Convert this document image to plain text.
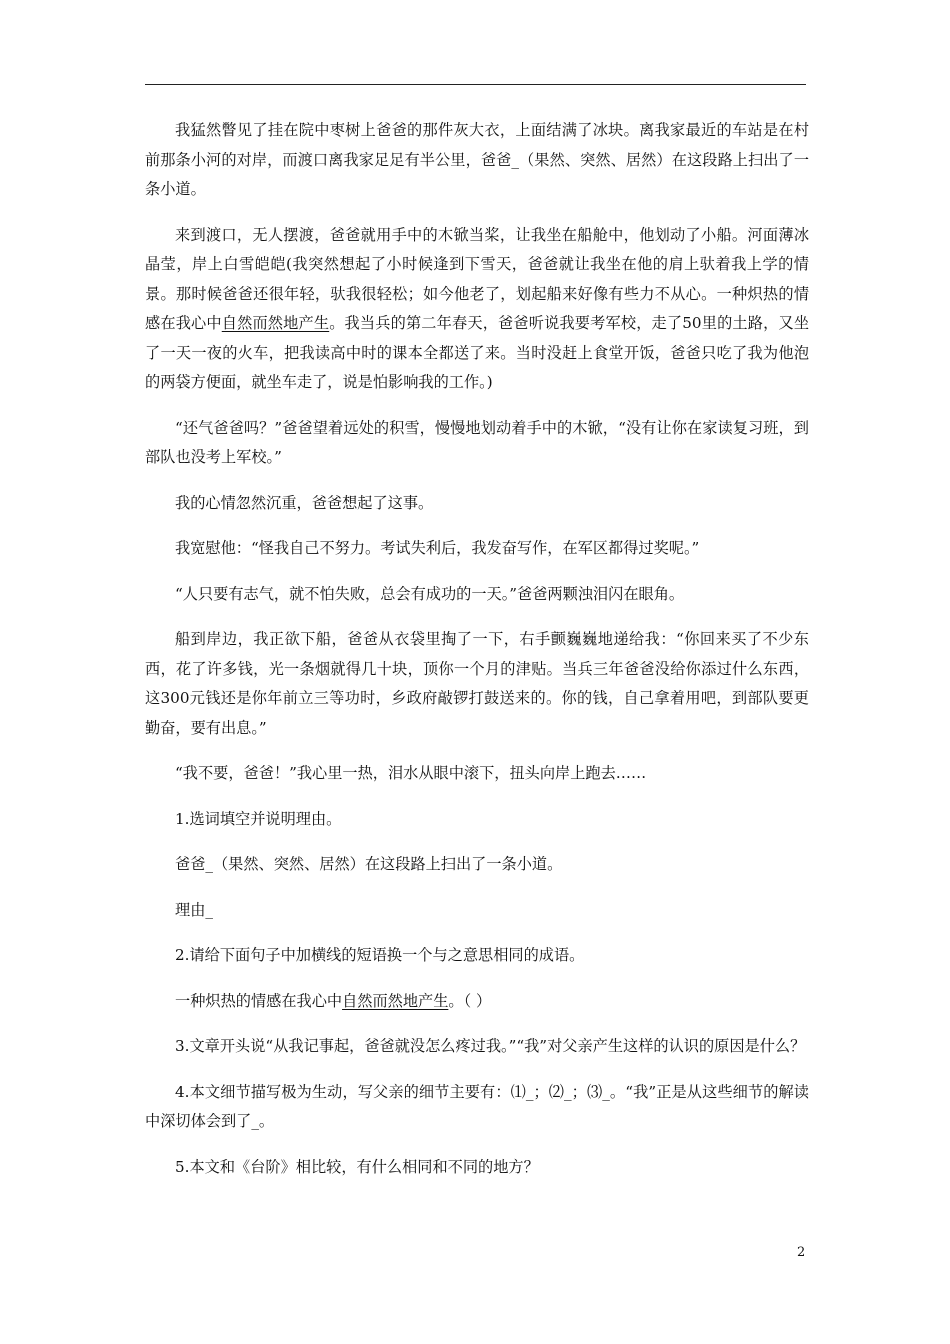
我猛然瞥见了挂在院中枣树上爸爸的那件灰大衣，上面结满了冰块。离我家最近的车站是在村前那条小河的对岸，而渡口离我家足足有半公里，爸爸_（果然、突然、居然）在这段路上扫出了一条小道。

来到渡口，无人摆渡，爸爸就用手中的木锨当桨，让我坐在船舱中，他划动了小船。河面薄冰晶莹，岸上白雪皑皑(我突然想起了小时候逢到下雪天，爸爸就让我坐在他的肩上驮着我上学的情景。那时候爸爸还很年轻，驮我很轻松；如今他老了，划起船来好像有些力不从心。一种炽热的情感在我心中自然而然地产生。我当兵的第二年春天，爸爸听说我要考军校，走了50里的土路，又坐了一天一夜的火车，把我读高中时的课本全都送了来。当时没赶上食堂开饭，爸爸只吃了我为他泡的两袋方便面，就坐车走了，说是怕影响我的工作。)

“还气爸爸吗？”爸爸望着远处的积雪，慢慢地划动着手中的木锨，“没有让你在家读复习班，到部队也没考上军校。”

我的心情忽然沉重，爸爸想起了这事。

我宽慰他：“怪我自己不努力。考试失利后，我发奋写作，在军区都得过奖呢。”

“人只要有志气，就不怕失败，总会有成功的一天。”爸爸两颗浊泪闪在眼角。

船到岸边，我正欲下船，爸爸从衣袋里掏了一下，右手颤巍巍地递给我：“你回来买了不少东西，花了许多钱，光一条烟就得几十块，顶你一个月的津贴。当兵三年爸爸没给你添过什么东西，这300元钱还是你年前立三等功时，乡政府敲锣打鼓送来的。你的钱，自己拿着用吧，到部队要更勤奋，要有出息。”

“我不要，爸爸！”我心里一热，泪水从眼中滚下，扭头向岸上跑去……

1.选词填空并说明理由。

爸爸_（果然、突然、居然）在这段路上扫出了一条小道。

理由_

2.请给下面句子中加横线的短语换一个与之意思相同的成语。

一种炽热的情感在我心中自然而然地产生。（ ）

3.文章开头说“从我记事起，爸爸就没怎么疼过我。”“我”对父亲产生这样的认识的原因是什么？

4.本文细节描写极为生动，写父亲的细节主要有：⑴_；⑵_；⑶_。“我”正是从这些细节的解读中深切体会到了_。

5.本文和《台阶》相比较，有什么相同和不同的地方？

2
